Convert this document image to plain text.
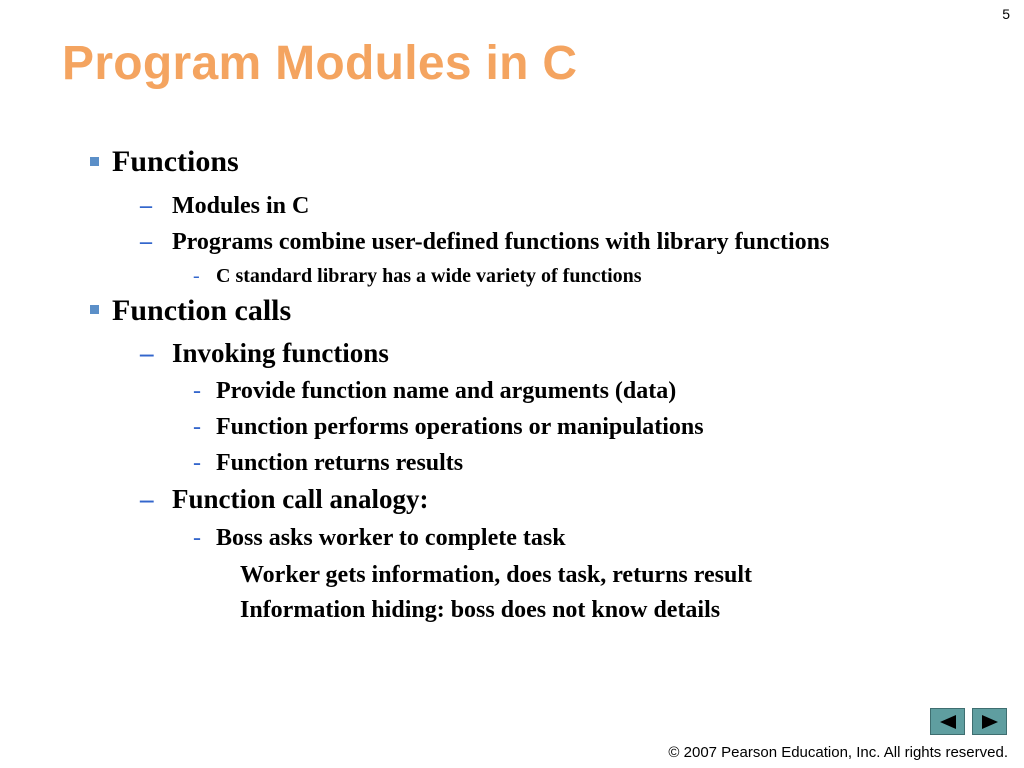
5
Program Modules in C
Functions
– Modules in C
– Programs combine user-defined functions with library functions
- C standard library has a wide variety of functions
Function calls
– Invoking functions
- Provide function name and arguments (data)
- Function performs operations or manipulations
- Function returns results
– Function call analogy:
- Boss asks worker to complete task
Worker gets information, does task, returns result
Information hiding: boss does not know details
© 2007 Pearson Education, Inc. All rights reserved.
